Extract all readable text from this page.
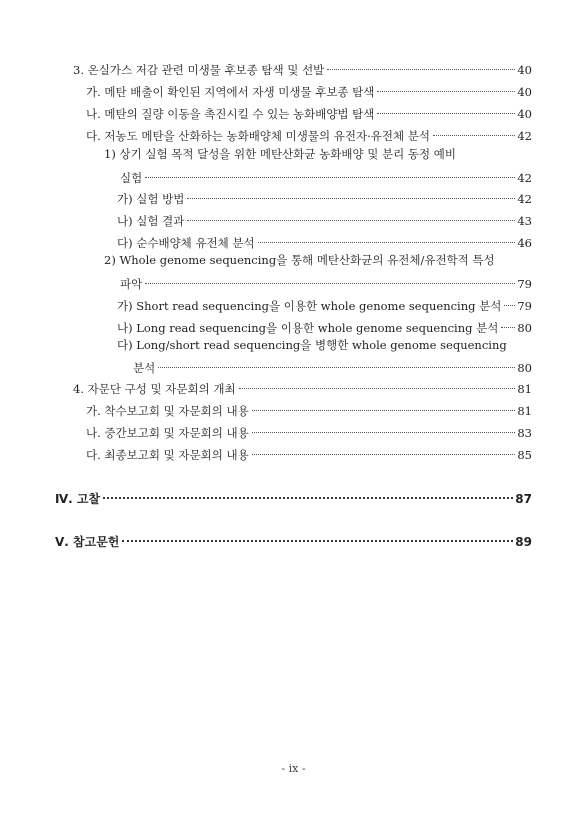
3. 온실가스 저감 관련 미생물 후보종 탐색 및 선발	40
가. 메탄 배출이 확인된 지역에서 자생 미생물 후보종 탐색	40
나. 메탄의 질량 이동을 촉진시킬 수 있는 농화배양법 탐색	40
다. 저농도 메탄을 산화하는 농화배양체 미생물의 유전자·유전체 분석	42
1) 상기 실험 목적 달성을 위한 메탄산화균 농화배양 및 분리 동정 예비
실험	42
가) 실험 방법	42
나) 실험 결과	43
다) 순수배양체 유전체 분석	46
2) Whole genome sequencing을 통해 메탄산화균의 유전체/유전학적 특성
파악	79
가) Short read sequencing을 이용한 whole genome sequencing 분석 79
나) Long read sequencing을 이용한 whole genome sequencing 분석 80
다) Long/short read sequencing을 병행한 whole genome sequencing
분석	80
4. 자문단 구성 및 자문회의 개최	81
가. 착수보고회 및 자문회의 내용	81
나. 중간보고회 및 자문회의 내용	83
다. 최종보고회 및 자문회의 내용	85
Ⅳ. 고찰	87
Ⅴ. 참고문헌	89
- ix -
